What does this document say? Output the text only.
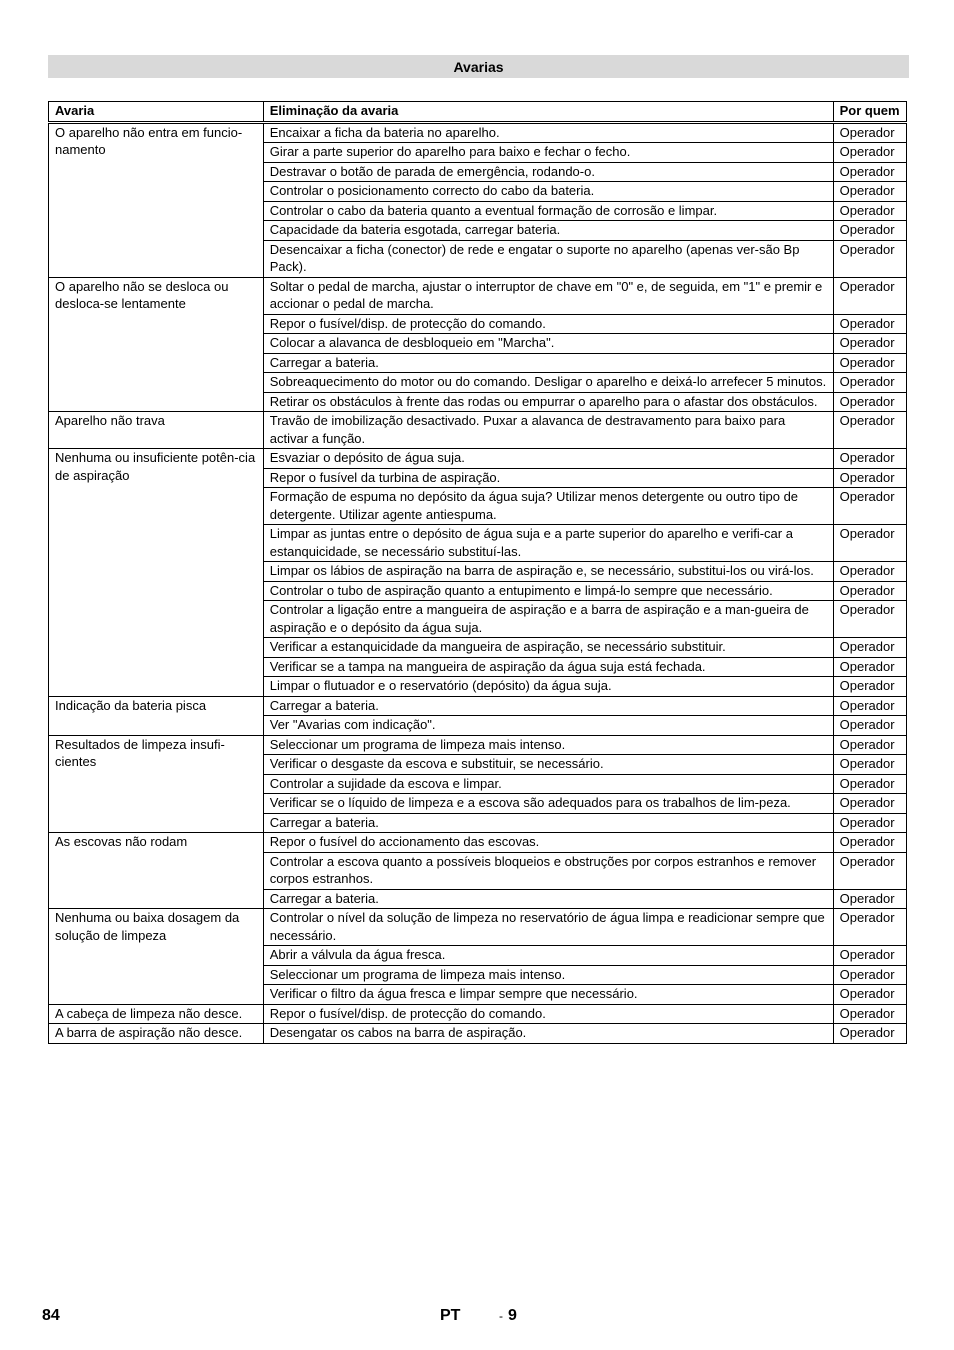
Avarias
Avaria	Eliminação da avaria	Por quem
O aparelho não entra em funcio-namento	Encaixar a ficha da bateria no aparelho.	Operador
	Girar a parte superior do aparelho para baixo e fechar o fecho.	Operador
	Destravar o botão de parada de emergência, rodando-o.	Operador
	Controlar o posicionamento correcto do cabo da bateria.	Operador
	Controlar o cabo da bateria quanto a eventual formação de corrosão e limpar.	Operador
	Capacidade da bateria esgotada, carregar bateria.	Operador
	Desencaixar a ficha (conector) de rede e engatar o suporte no aparelho (apenas ver-são Bp Pack).	Operador
O aparelho não se desloca ou desloca-se lentamente	Soltar o pedal de marcha, ajustar o interruptor de chave em "0" e, de seguida, em "1" e premir e accionar o pedal de marcha.	Operador
	Repor o fusível/disp. de protecção do comando.	Operador
	Colocar a alavanca de desbloqueio em "Marcha".	Operador
	Carregar a bateria.	Operador
	Sobreaquecimento do motor ou do comando. Desligar o aparelho e deixá-lo arrefecer 5 minutos.	Operador
	Retirar os obstáculos à frente das rodas ou empurrar o aparelho para o afastar dos obstáculos.	Operador
Aparelho não trava	Travão de imobilização desactivado. Puxar a alavanca de destravamento para baixo para activar a função.	Operador
Nenhuma ou insuficiente potên-cia de aspiração	Esvaziar o depósito de água suja.	Operador
	Repor o fusível da turbina de aspiração.	Operador
	Formação de espuma no depósito da água suja? Utilizar menos detergente ou outro tipo de detergente. Utilizar agente antiespuma.	Operador
	Limpar as juntas entre o depósito de água suja e a parte superior do aparelho e verifi-car a estanquicidade, se necessário substituí-las.	Operador
	Limpar os lábios de aspiração na barra de aspiração e, se necessário, substitui-los ou virá-los.	Operador
	Controlar o tubo de aspiração quanto a entupimento e limpá-lo sempre que necessário.	Operador
	Controlar a ligação entre a mangueira de aspiração e a barra de aspiração e a man-gueira de aspiração e o depósito da água suja.	Operador
	Verificar a estanquicidade da mangueira de aspiração, se necessário substituir.	Operador
	Verificar se a tampa na mangueira de aspiração da água suja está fechada.	Operador
	Limpar o flutuador e o reservatório (depósito) da água suja.	Operador
Indicação da bateria pisca	Carregar a bateria.	Operador
	Ver "Avarias com indicação".	Operador
Resultados de limpeza insufi-cientes	Seleccionar um programa de limpeza mais intenso.	Operador
	Verificar o desgaste da escova e substituir, se necessário.	Operador
	Controlar a sujidade da escova e limpar.	Operador
	Verificar se o líquido de limpeza e a escova são adequados para os trabalhos de lim-peza.	Operador
	Carregar a bateria.	Operador
As escovas não rodam	Repor o fusível do accionamento das escovas.	Operador
	Controlar a escova quanto a possíveis bloqueios e obstruções por corpos estranhos e remover corpos estranhos.	Operador
	Carregar a bateria.	Operador
Nenhuma ou baixa dosagem da solução de limpeza	Controlar o nível da solução de limpeza no reservatório de água limpa e readicionar sempre que necessário.	Operador
	Abrir a válvula da água fresca.	Operador
	Seleccionar um programa de limpeza mais intenso.	Operador
	Verificar o filtro da água fresca e limpar sempre que necessário.	Operador
A cabeça de limpeza não desce.	Repor o fusível/disp. de protecção do comando.	Operador
A barra de aspiração não desce.	Desengatar os cabos na barra de aspiração.	Operador
84	PT	- 9
